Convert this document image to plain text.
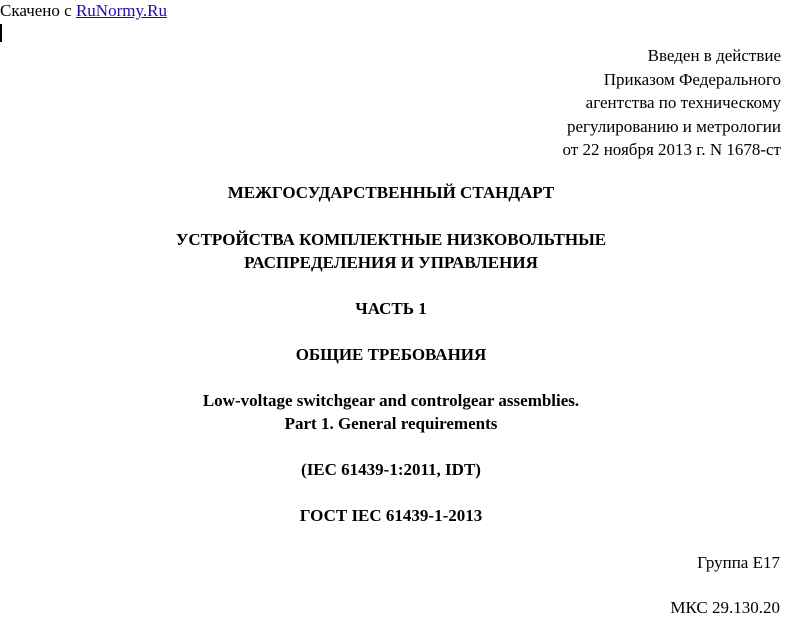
Скачено с RuNormy.Ru
Введен в действие
Приказом Федерального
агентства по техническому
регулированию и метрологии
от 22 ноября 2013 г. N 1678-ст
МЕЖГОСУДАРСТВЕННЫЙ СТАНДАРТ
УСТРОЙСТВА КОМПЛЕКТНЫЕ НИЗКОВОЛЬТНЫЕ
РАСПРЕДЕЛЕНИЯ И УПРАВЛЕНИЯ
ЧАСТЬ 1
ОБЩИЕ ТРЕБОВАНИЯ
Low-voltage switchgear and controlgear assemblies.
Part 1. General requirements
(IEC 61439-1:2011, IDT)
ГОСТ IEC 61439-1-2013
Группа Е17
МКС 29.130.20
